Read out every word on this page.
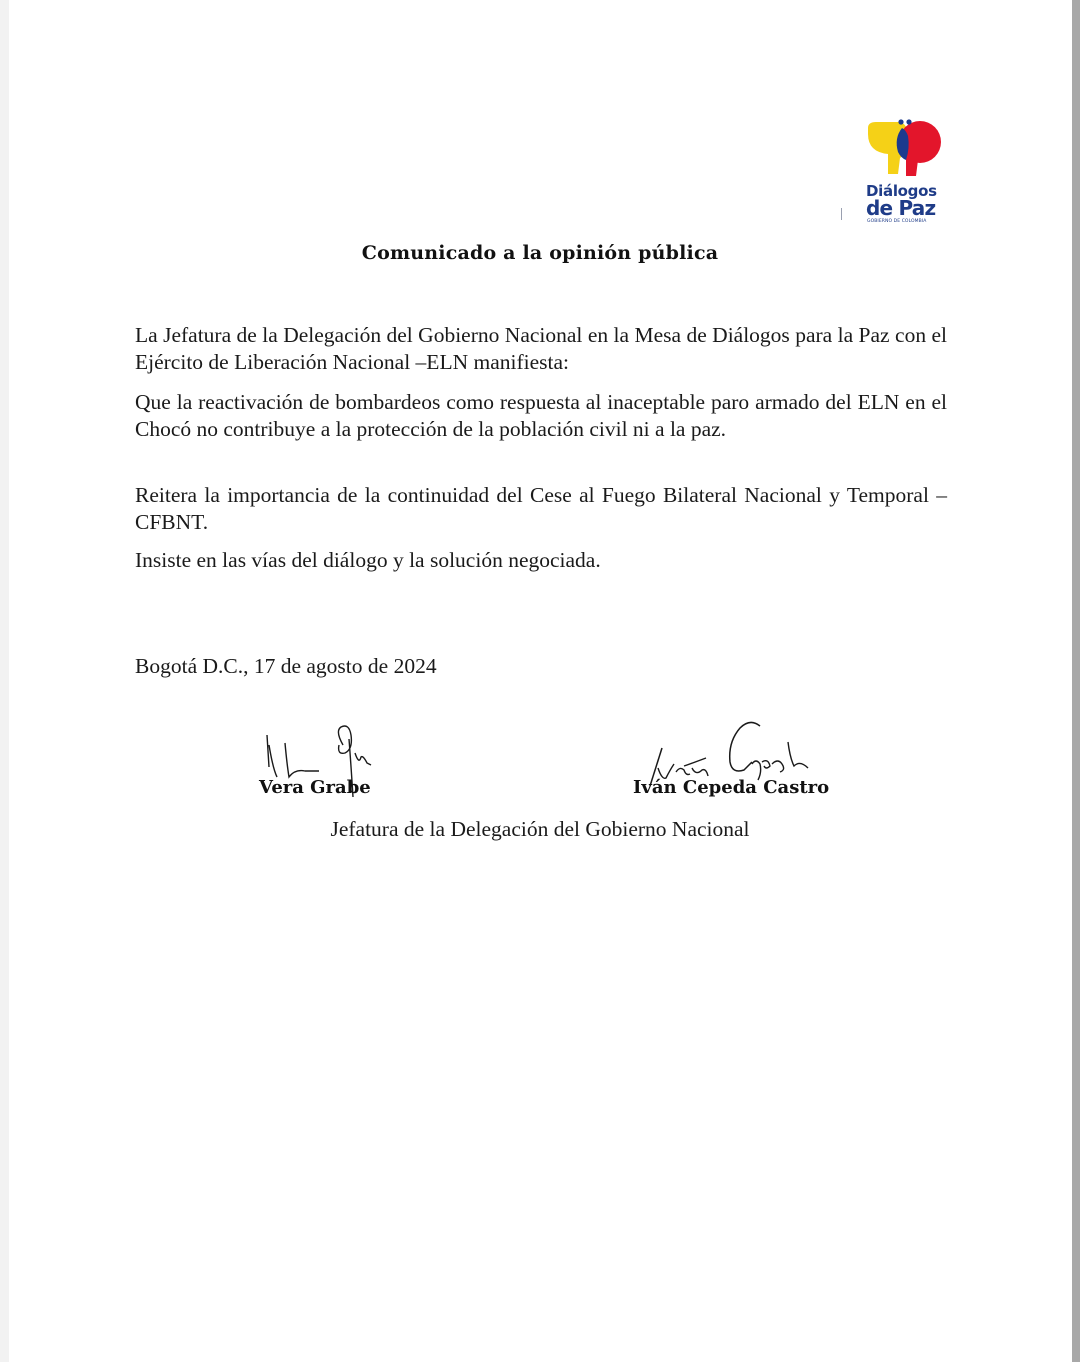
Diálogos
de Paz
GOBIERNO DE COLOMBIA
Comunicado a la opinión pública
La Jefatura de la Delegación del Gobierno Nacional en la Mesa de Diálogos para la Paz con el Ejército de Liberación Nacional –ELN manifiesta:
Que la reactivación de bombardeos como respuesta al inaceptable paro armado del ELN en el Chocó no contribuye a la protección de la población civil ni a la paz.
Reitera la importancia de la continuidad del Cese al Fuego Bilateral Nacional y Temporal –CFBNT.
Insiste en las vías del diálogo y la solución negociada.
Bogotá D.C., 17 de agosto de 2024
Vera Grabe	Iván Cepeda Castro
Jefatura de la Delegación del Gobierno Nacional
